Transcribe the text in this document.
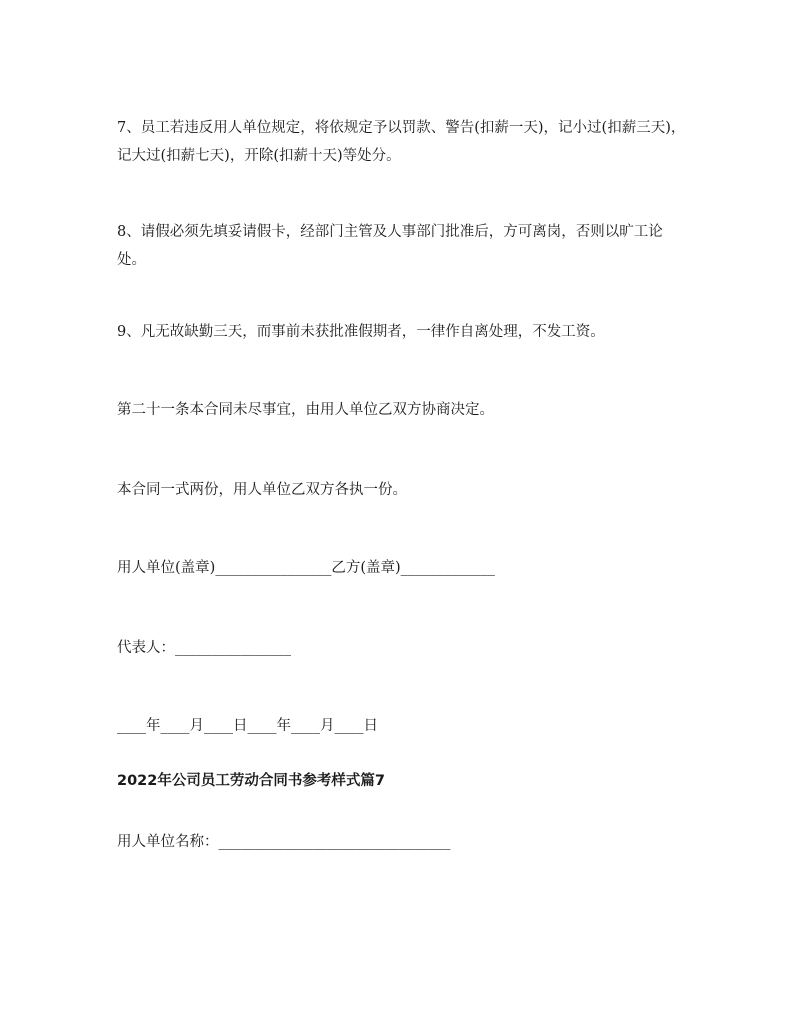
7、员工若违反用人单位规定，将依规定予以罚款、警告(扣薪一天)，记小过(扣薪三天)，记大过(扣薪七天)，开除(扣薪十天)等处分。

8、请假必须先填妥请假卡，经部门主管及人事部门批准后，方可离岗，否则以旷工论处。

9、凡无故缺勤三天，而事前未获批准假期者，一律作自离处理，不发工资。

第二十一条本合同未尽事宜，由用人单位乙双方协商决定。

本合同一式两份，用人单位乙双方各执一份。

用人单位(盖章)________________乙方(盖章)_____________

代表人：________________

____年____月____日____年____月____日

2022年公司员工劳动合同书参考样式篇7

用人单位名称：________________________________
